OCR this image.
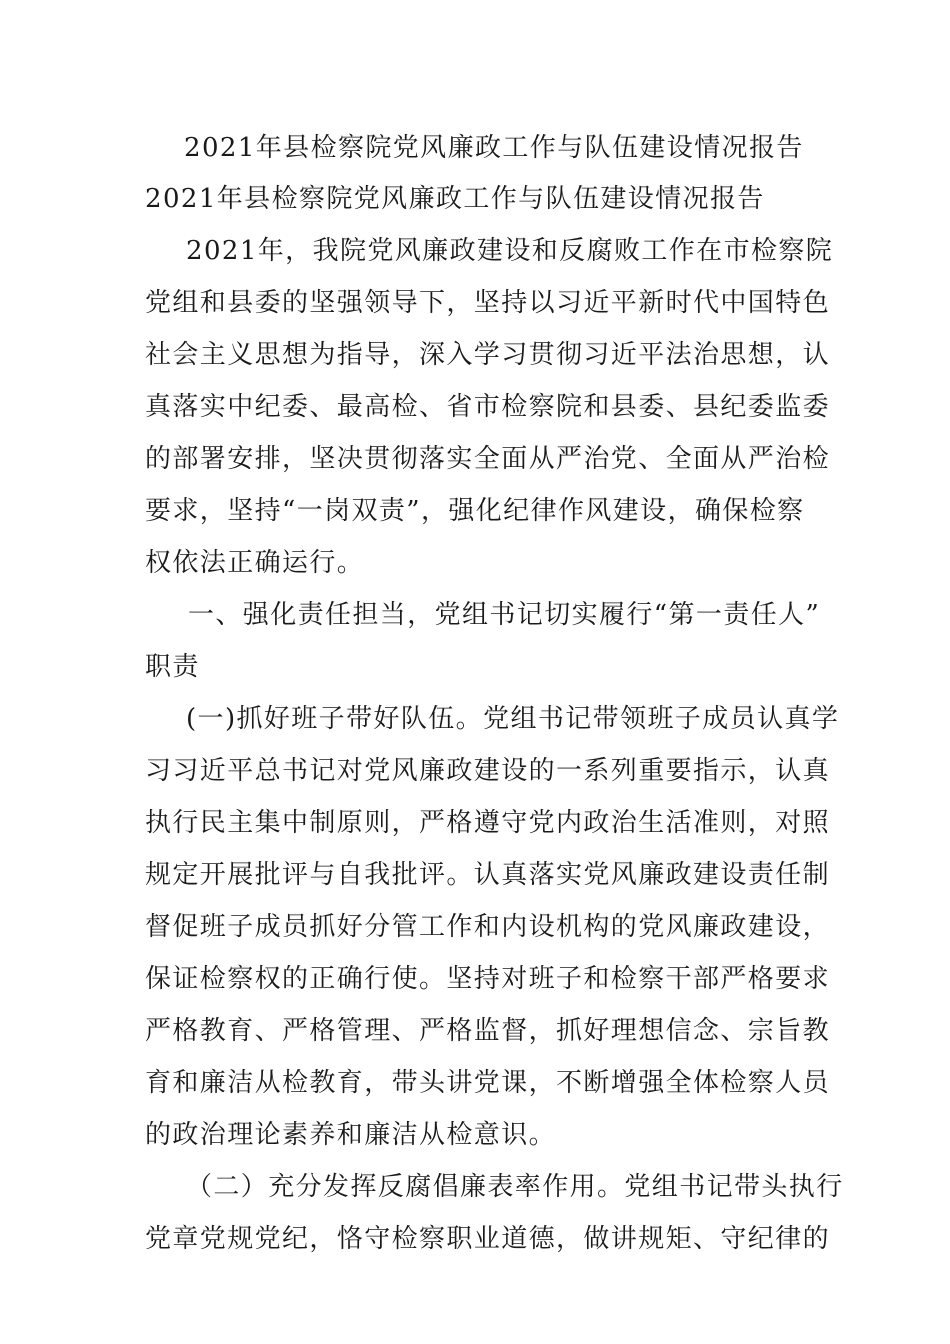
2021年县检察院党风廉政工作与队伍建设情况报告
2021年县检察院党风廉政工作与队伍建设情况报告
2021年，我院党风廉政建设和反腐败工作在市检察院
党组和县委的坚强领导下，坚持以习近平新时代中国特色
社会主义思想为指导，深入学习贯彻习近平法治思想，认
真落实中纪委、最高检、省市检察院和县委、县纪委监委
的部署安排，坚决贯彻落实全面从严治党、全面从严治检
要求，坚持“一岗双责”，强化纪律作风建设，确保检察
权依法正确运行。
一、强化责任担当，党组书记切实履行“第一责任人”
职责
(一)抓好班子带好队伍。党组书记带领班子成员认真学
习习近平总书记对党风廉政建设的一系列重要指示，认真
执行民主集中制原则，严格遵守党内政治生活准则，对照
规定开展批评与自我批评。认真落实党风廉政建设责任制
督促班子成员抓好分管工作和内设机构的党风廉政建设，
保证检察权的正确行使。坚持对班子和检察干部严格要求
严格教育、严格管理、严格监督，抓好理想信念、宗旨教
育和廉洁从检教育，带头讲党课，不断增强全体检察人员
的政治理论素养和廉洁从检意识。
（二）充分发挥反腐倡廉表率作用。党组书记带头执行
党章党规党纪，恪守检察职业道德，做讲规矩、守纪律的
